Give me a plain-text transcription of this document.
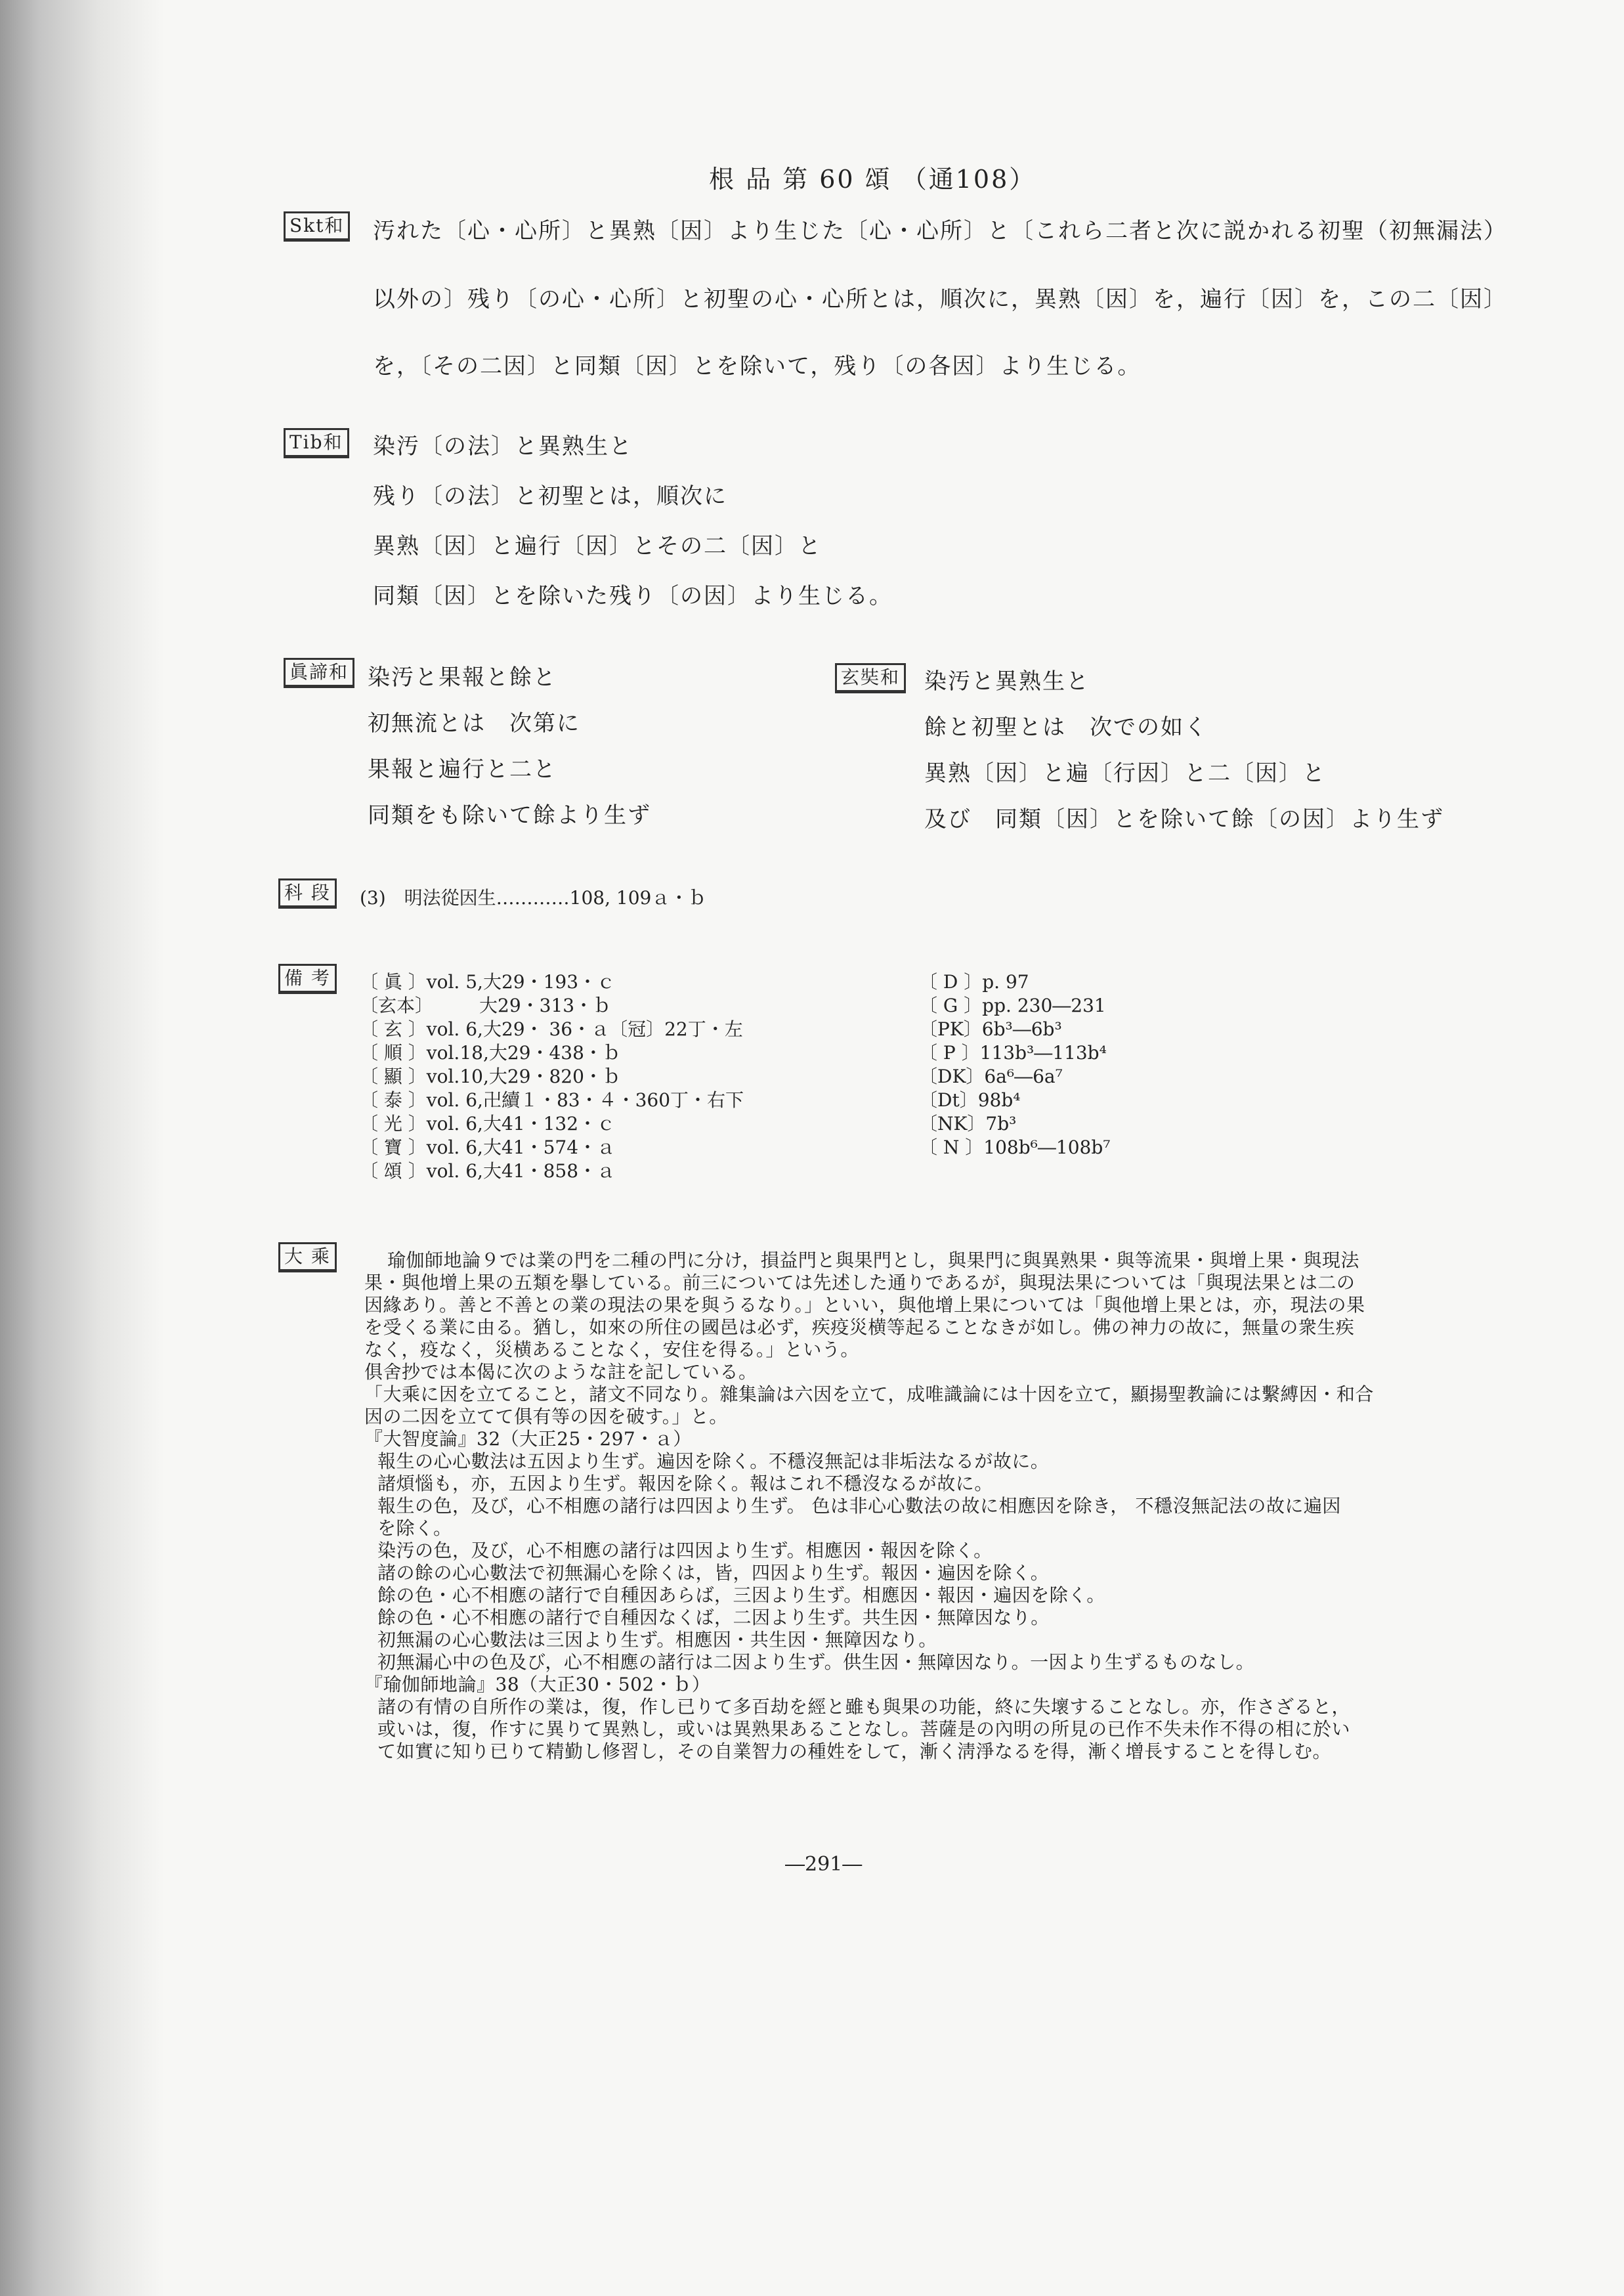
根 品 第 60 頌 （通108）
Skt和 汚れた〔心・心所〕と異熟〔因〕より生じた〔心・心所〕と〔これら二者と次に説かれる初聖（初無漏法）
以外の〕残り〔の心・心所〕と初聖の心・心所とは，順次に，異熟〔因〕を，遍行〔因〕を，この二〔因〕
を，〔その二因〕と同類〔因〕とを除いて，残り〔の各因〕より生じる。
Tib和 染汚〔の法〕と異熟生と
残り〔の法〕と初聖とは，順次に
異熟〔因〕と遍行〔因〕とその二〔因〕と
同類〔因〕とを除いた残り〔の因〕より生じる。
眞諦和 染汚と果報と餘と
初無流とは　次第に
果報と遍行と二と
同類をも除いて餘より生ず
玄奘和 染汚と異熟生と
餘と初聖とは　次での如く
異熟〔因〕と遍〔行因〕と二〔因〕と
及び　同類〔因〕とを除いて餘〔の因〕より生ず
科 段	(3)　明法從因生…………108, 109ａ・ｂ
備 考	〔 眞 〕vol. 5,大29・193・ｃ
〔玄本〕　　　大29・313・ｂ
〔 玄 〕vol. 6,大29・ 36・ａ〔冠〕22丁・左
〔 順 〕vol.18,大29・438・ｂ
〔 顯 〕vol.10,大29・820・ｂ
〔 泰 〕vol. 6,卍續１・83・４・360丁・右下
〔 光 〕vol. 6,大41・132・ｃ
〔 寶 〕vol. 6,大41・574・ａ
〔 頌 〕vol. 6,大41・858・ａ
〔 D 〕p. 97
〔 G 〕pp. 230―231
〔PK〕6b³―6b³
〔 P 〕113b³―113b⁴
〔DK〕6a⁶―6a⁷
〔Dt〕98b⁴
〔NK〕7b³
〔 N 〕108b⁶―108b⁷
大 乘	瑜伽師地論９では業の門を二種の門に分け，損益門と與果門とし，與果門に與異熟果・與等流果・與增上果・與現法
果・與他增上果の五類を擧している。前三については先述した通りであるが，與現法果については「與現法果とは二の
因緣あり。善と不善との業の現法の果を與うるなり。」といい，與他增上果については「與他增上果とは，亦，現法の果
を受くる業に由る。猶し，如來の所住の國邑は必ず，疾疫災横等起ることなきが如し。佛の神力の故に，無量の衆生疾
なく，疫なく，災横あることなく，安住を得る。」という。
俱舍抄では本偈に次のような註を記している。
「大乘に因を立てること，諸文不同なり。雜集論は六因を立て，成唯識論には十因を立て，顯揚聖教論には繫縛因・和合
因の二因を立てて俱有等の因を破す。」と。
『大智度論』32（大正25・297・ａ）
報生の心心數法は五因より生ず。遍因を除く。不穩沒無記は非垢法なるが故に。
諸煩惱も，亦，五因より生ず。報因を除く。報はこれ不穩沒なるが故に。
報生の色，及び，心不相應の諸行は四因より生ず。 色は非心心數法の故に相應因を除き， 不穩沒無記法の故に遍因
を除く。
染汚の色，及び，心不相應の諸行は四因より生ず。相應因・報因を除く。
諸の餘の心心數法で初無漏心を除くは，皆，四因より生ず。報因・遍因を除く。
餘の色・心不相應の諸行で自種因あらば，三因より生ず。相應因・報因・遍因を除く。
餘の色・心不相應の諸行で自種因なくば，二因より生ず。共生因・無障因なり。
初無漏の心心數法は三因より生ず。相應因・共生因・無障因なり。
初無漏心中の色及び，心不相應の諸行は二因より生ず。供生因・無障因なり。一因より生ずるものなし。
『瑜伽師地論』38（大正30・502・ｂ）
諸の有情の自所作の業は，復，作し已りて多百劫を經と雖も與果の功能，終に失壞することなし。亦，作さざると，
或いは，復，作すに異りて異熟し，或いは異熟果あることなし。菩薩是の內明の所見の已作不失未作不得の相に於い
て如實に知り已りて精勤し修習し，その自業智力の種姓をして，漸く淸淨なるを得，漸く增長することを得しむ。
―291―
